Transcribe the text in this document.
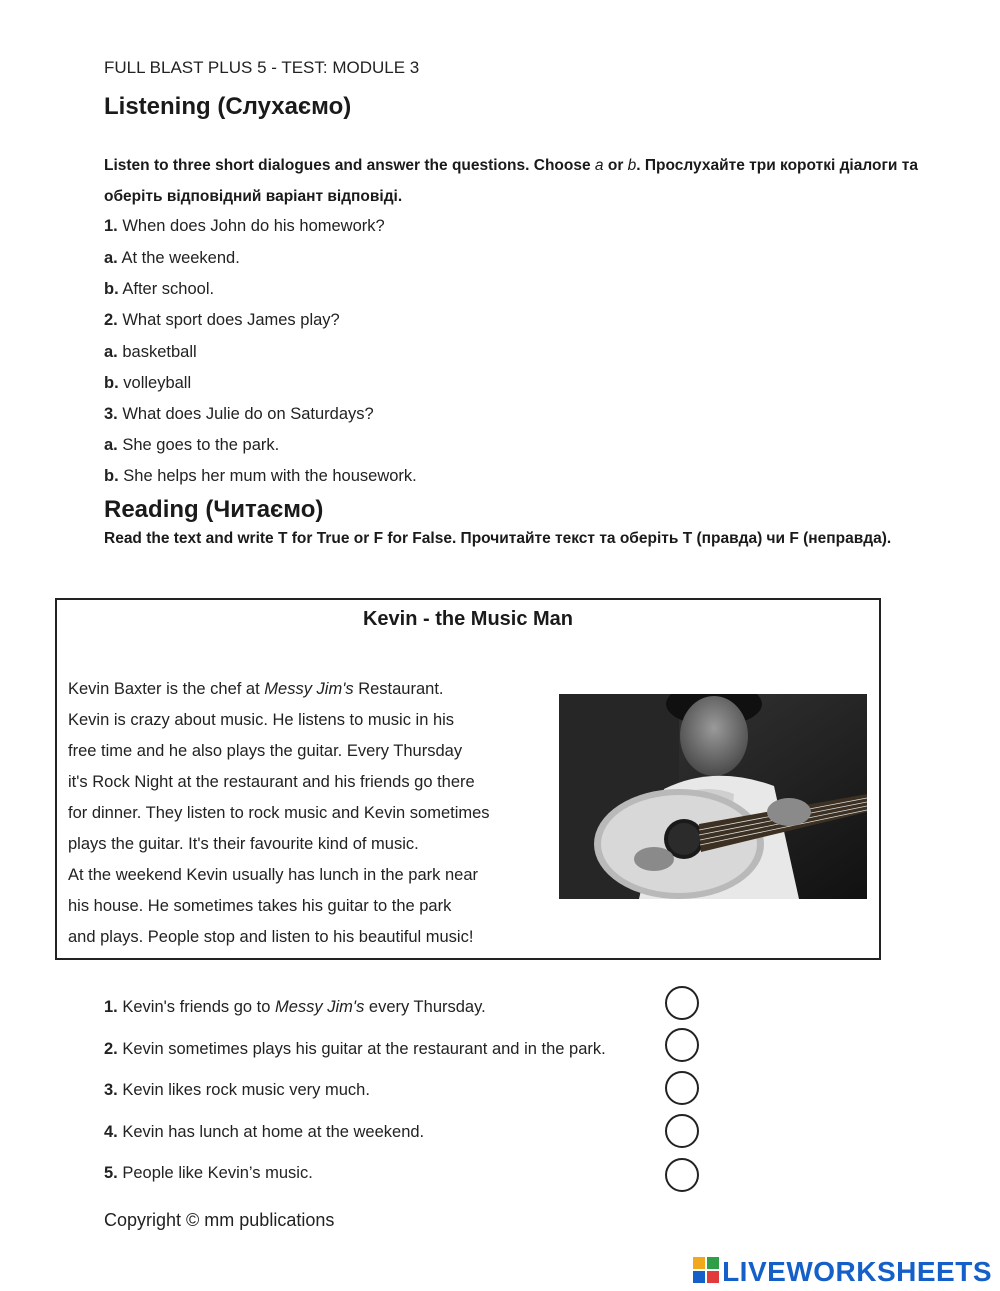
FULL BLAST PLUS 5 - TEST: MODULE 3
Listening (Слухаємо)
Listen to three short dialogues and answer the questions. Choose a or b. Прослухайте три короткі діалоги та оберіть відповідний варіант відповіді.
1. When does John do his homework?
a. At the weekend.
b. After school.
2. What sport does James play?
a. basketball
b. volleyball
3. What does Julie do on Saturdays?
a. She goes to the park.
b. She helps her mum with the housework.
Reading (Читаємо)
Read the text and write T for True or F for False. Прочитайте текст та оберіть T (правда) чи F (неправда).
Kevin - the Music Man
Kevin Baxter is the chef at Messy Jim's Restaurant.
Kevin is crazy about music. He listens to music in his
free time and he also plays the guitar. Every Thursday
it's Rock Night at the restaurant and his friends go there
for dinner. They listen to rock music and Kevin sometimes
plays the guitar. It's their favourite kind of music.
At the weekend Kevin usually has lunch in the park near
his house. He sometimes takes his guitar to the park
and plays. People stop and listen to his beautiful music!
1. Kevin's friends go to Messy Jim's every Thursday.
2. Kevin sometimes plays his guitar at the restaurant and in the park.
3. Kevin likes rock music very much.
4. Kevin has lunch at home at the weekend.
5. People like Kevin’s music.
Copyright © mm publications
LIVEWORKSHEETS
